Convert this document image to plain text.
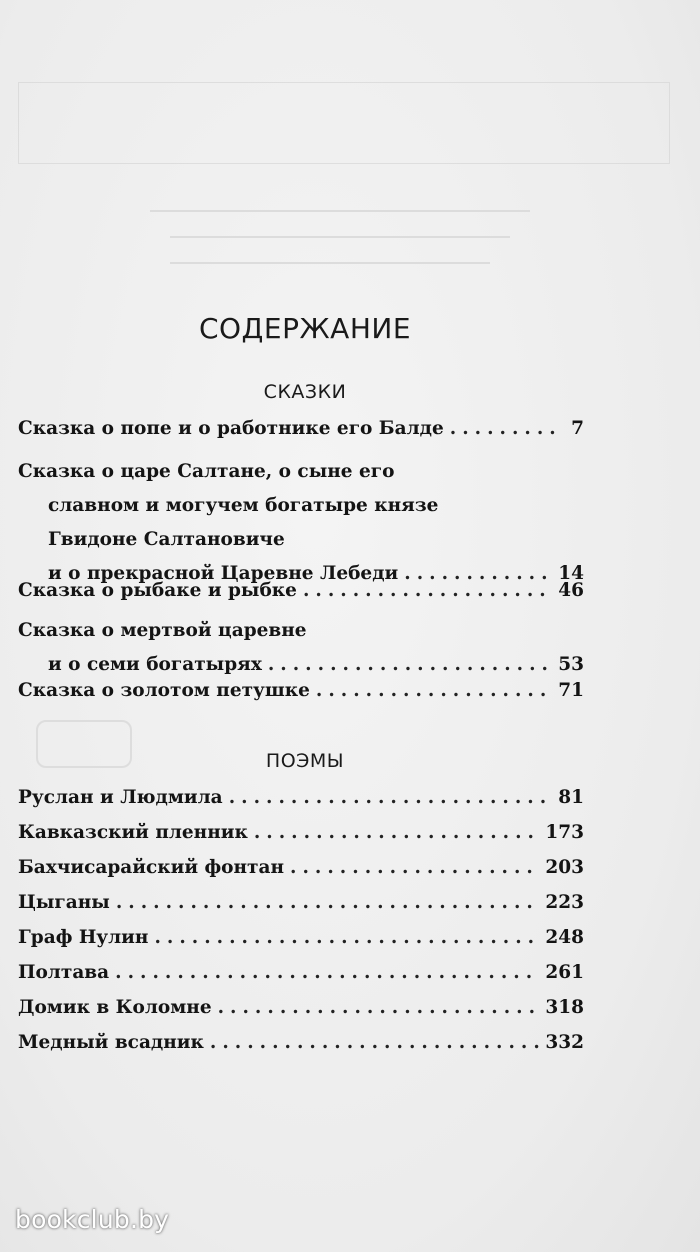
СОДЕРЖАНИЕ
СКАЗКИ
ПОЭМЫ
Сказка о попе и о работнике его Балде .....	7
Сказка о царе Салтане, о сыне его
славном и могучем богатыре князе
Гвидоне Салтановиче
и о прекрасной Царевне Лебеди .....	14
Сказка о рыбаке и рыбке .....	46
Сказка о мертвой царевне
и о семи богатырях .....	53
Сказка о золотом петушке .....	71
Руслан и Людмила .....	81
Кавказский пленник .....	173
Бахчисарайский фонтан .....	203
Цыганы .....	223
Граф Нулин .....	248
Полтава .....	261
Домик в Коломне .....	318
Медный всадник .....	332
bookclub.by
